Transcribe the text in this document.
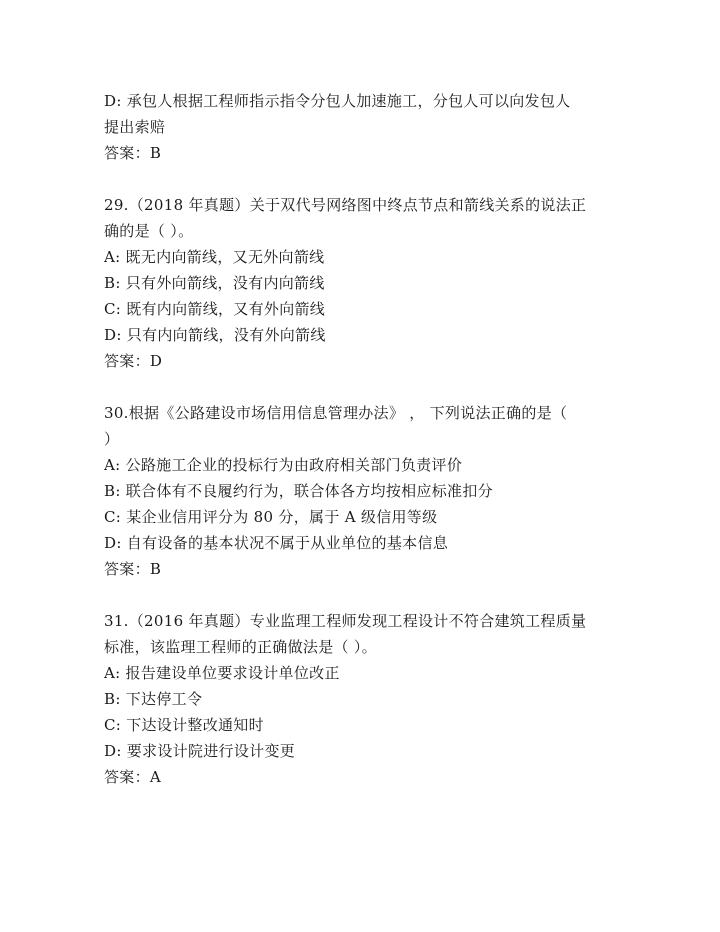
D: 承包人根据工程师指示指令分包人加速施工，分包人可以向发包人
提出索赔
答案：B
29.（2018 年真题）关于双代号网络图中终点节点和箭线关系的说法正
确的是（ ）。
A: 既无内向箭线，又无外向箭线
B: 只有外向箭线，没有内向箭线
C: 既有内向箭线，又有外向箭线
D: 只有内向箭线，没有外向箭线
答案：D
30.根据《公路建设市场信用信息管理办法》 ， 下列说法正确的是（
）
A: 公路施工企业的投标行为由政府相关部门负责评价
B: 联合体有不良履约行为，联合体各方均按相应标准扣分
C: 某企业信用评分为 80 分，属于 A 级信用等级
D: 自有设备的基本状况不属于从业单位的基本信息
答案：B
31.（2016 年真题）专业监理工程师发现工程设计不符合建筑工程质量
标准，该监理工程师的正确做法是（ ）。
A: 报告建设单位要求设计单位改正
B: 下达停工令
C: 下达设计整改通知时
D: 要求设计院进行设计变更
答案：A
